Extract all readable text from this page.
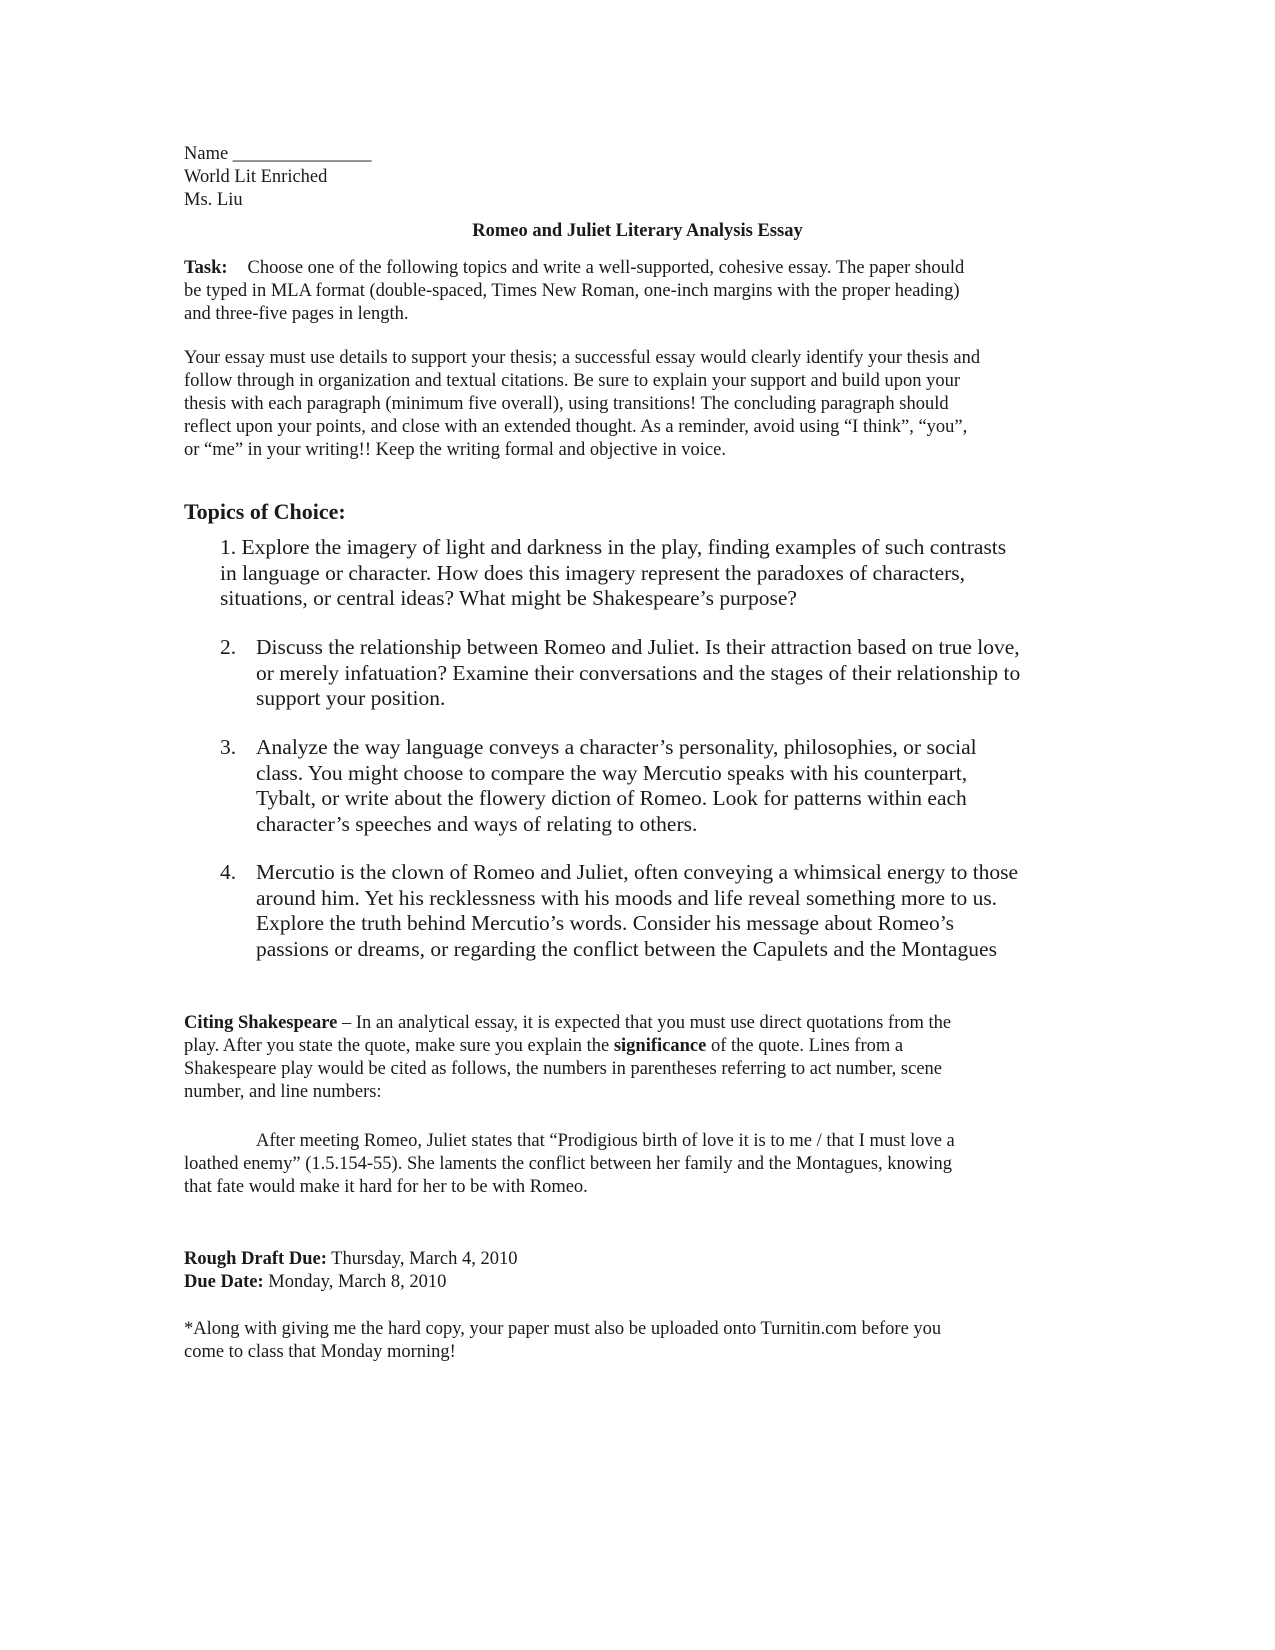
Name _______________
World Lit Enriched
Ms. Liu
Romeo and Juliet Literary Analysis Essay
Task: Choose one of the following topics and write a well-supported, cohesive essay. The paper should
be typed in MLA format (double-spaced, Times New Roman, one-inch margins with the proper heading)
and three-five pages in length.
Your essay must use details to support your thesis; a successful essay would clearly identify your thesis and
follow through in organization and textual citations. Be sure to explain your support and build upon your
thesis with each paragraph (minimum five overall), using transitions! The concluding paragraph should
reflect upon your points, and close with an extended thought. As a reminder, avoid using “I think”, “you”,
or “me” in your writing!! Keep the writing formal and objective in voice.
Topics of Choice:
1. Explore the imagery of light and darkness in the play, finding examples of such contrasts
in language or character. How does this imagery represent the paradoxes of characters,
situations, or central ideas? What might be Shakespeare’s purpose?
2. Discuss the relationship between Romeo and Juliet. Is their attraction based on true love,
or merely infatuation? Examine their conversations and the stages of their relationship to
support your position.
3. Analyze the way language conveys a character’s personality, philosophies, or social
class. You might choose to compare the way Mercutio speaks with his counterpart,
Tybalt, or write about the flowery diction of Romeo. Look for patterns within each
character’s speeches and ways of relating to others.
4. Mercutio is the clown of Romeo and Juliet, often conveying a whimsical energy to those
around him. Yet his recklessness with his moods and life reveal something more to us.
Explore the truth behind Mercutio’s words. Consider his message about Romeo’s
passions or dreams, or regarding the conflict between the Capulets and the Montagues
Citing Shakespeare – In an analytical essay, it is expected that you must use direct quotations from the
play. After you state the quote, make sure you explain the significance of the quote. Lines from a
Shakespeare play would be cited as follows, the numbers in parentheses referring to act number, scene
number, and line numbers:
After meeting Romeo, Juliet states that “Prodigious birth of love it is to me / that I must love a
loathed enemy” (1.5.154-55). She laments the conflict between her family and the Montagues, knowing
that fate would make it hard for her to be with Romeo.
Rough Draft Due: Thursday, March 4, 2010
Due Date: Monday, March 8, 2010
*Along with giving me the hard copy, your paper must also be uploaded onto Turnitin.com before you
come to class that Monday morning!
